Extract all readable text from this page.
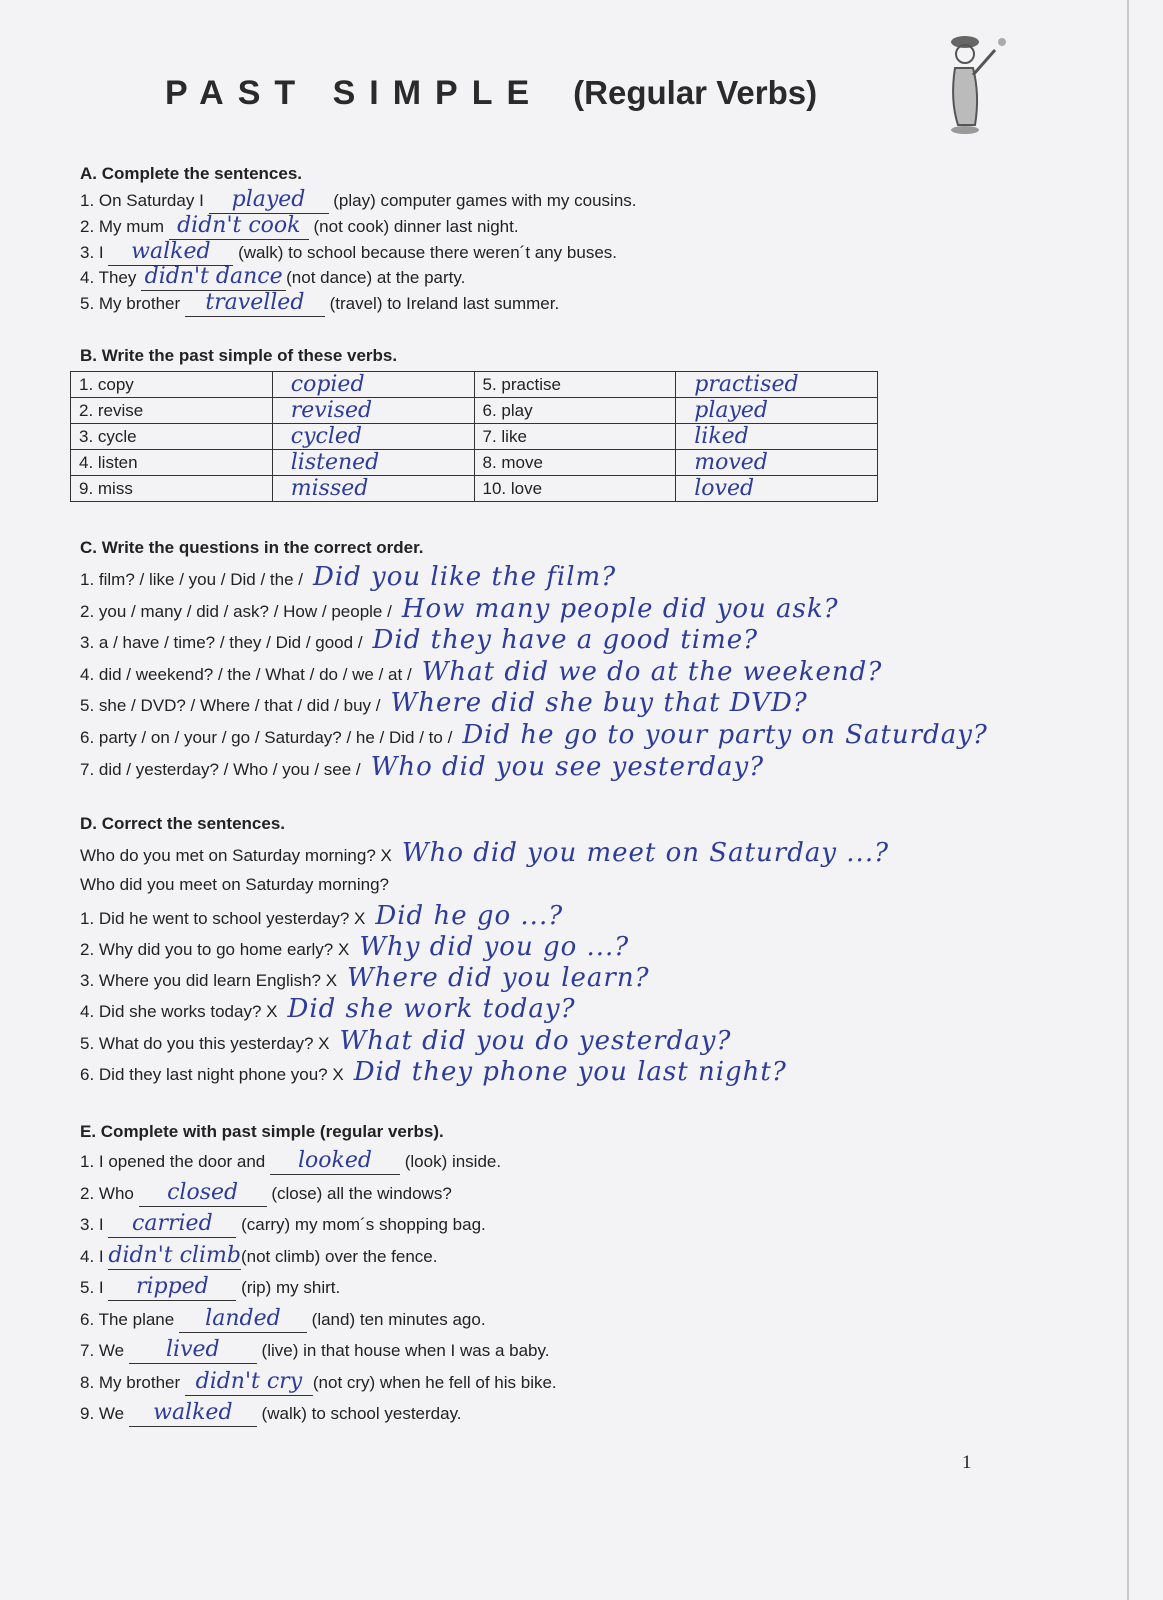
PAST SIMPLE (Regular Verbs)
A. Complete the sentences.
1. On Saturday I played (play) computer games with my cousins.
2. My mum didn't cook (not cook) dinner last night.
3. I walked (walk) to school because there weren´t any buses.
4. They didn't dance (not dance) at the party.
5. My brother travelled (travel) to Ireland last summer.
B. Write the past simple of these verbs.
1. copy	copied	5. practise	practised
2. revise	revised	6. play	played
3. cycle	cycled	7. like	liked
4. listen	listened	8. move	moved
9. miss	missed	10. love	loved
C. Write the questions in the correct order.
1. film? / like / you / Did / the / Did you like the film?
2. you / many / did / ask? / How / people / How many people did you ask?
3. a / have / time? / they / Did / good / Did they have a good time?
4. did / weekend? / the / What / do / we / at / What did we do at the weekend?
5. she / DVD? / Where / that / did / buy / Where did she buy that DVD?
6. party / on / your / go / Saturday? / he / Did / to / Did he go to your party on Saturday?
7. did / yesterday? / Who / you / see / Who did you see yesterday?
D. Correct the sentences.
Who do you met on Saturday morning? X Who did you meet on Saturday ...?
Who did you meet on Saturday morning?
1. Did he went to school yesterday? X Did he go ...?
2. Why did you to go home early? X Why did you go ...?
3. Where you did learn English? X Where did you learn?
4. Did she works today? X Did she work today?
5. What do you this yesterday? X What did you do yesterday?
6. Did they last night phone you? X Did they phone you last night?
E. Complete with past simple (regular verbs).
1. I opened the door and looked (look) inside.
2. Who closed (close) all the windows?
3. I carried (carry) my mom´s shopping bag.
4. I didn't climb(not climb) over the fence.
5. I ripped (rip) my shirt.
6. The plane landed (land) ten minutes ago.
7. We lived (live) in that house when I was a baby.
8. My brother didn't cry (not cry) when he fell of his bike.
9. We walked (walk) to school yesterday.
1
